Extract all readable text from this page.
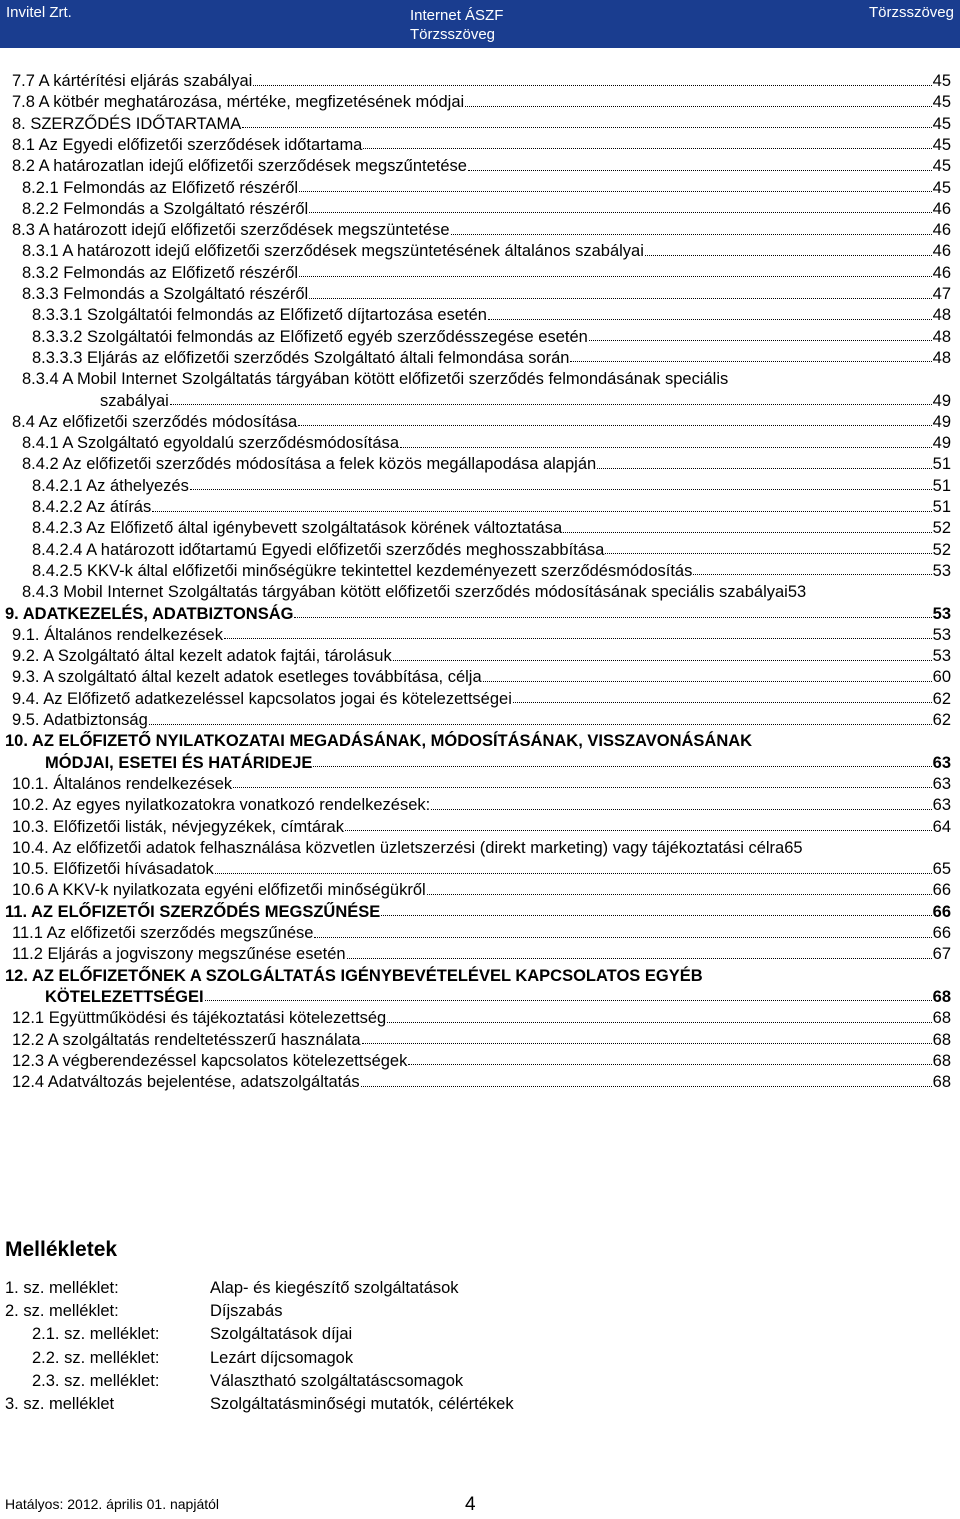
Invitel Zrt.	Internet ÁSZF
Törzsszöveg
Törzsszöveg
7.7 A kártérítési eljárás szabályai	45
7.8 A kötbér meghatározása, mértéke, megfizetésének módjai	45
8. SZERZŐDÉS IDŐTARTAMA	45
8.1 Az Egyedi előfizetői szerződések időtartama	45
8.2 A határozatlan idejű előfizetői szerződések megszűntetése	45
8.2.1 Felmondás az Előfizető részéről	45
8.2.2 Felmondás a Szolgáltató részéről	46
8.3 A határozott idejű előfizetői szerződések megszüntetése	46
8.3.1 A határozott idejű előfizetői szerződések megszüntetésének általános szabályai	46
8.3.2 Felmondás az Előfizető részéről	46
8.3.3 Felmondás a Szolgáltató részéről	47
8.3.3.1 Szolgáltatói felmondás az Előfizető díjtartozása esetén	48
8.3.3.2 Szolgáltatói felmondás az Előfizető egyéb szerződésszegése esetén	48
8.3.3.3 Eljárás az előfizetői szerződés Szolgáltató általi felmondása során	48
8.3.4 A Mobil Internet Szolgáltatás tárgyában kötött előfizetői szerződés felmondásának speciális
szabályai	49
8.4 Az előfizetői szerződés módosítása	49
8.4.1 A Szolgáltató egyoldalú szerződésmódosítása	49
8.4.2 Az előfizetői szerződés módosítása a felek közös megállapodása alapján	51
8.4.2.1 Az áthelyezés	51
8.4.2.2 Az átírás	51
8.4.2.3 Az Előfizető által igénybevett szolgáltatások körének változtatása	52
8.4.2.4 A határozott időtartamú Egyedi előfizetői szerződés meghosszabbítása	52
8.4.2.5 KKV-k által előfizetői minőségükre tekintettel kezdeményezett szerződésmódosítás	53
8.4.3 Mobil Internet Szolgáltatás tárgyában kötött előfizetői szerződés módosításának speciális szabályai 53
9. ADATKEZELÉS, ADATBIZTONSÁG	53
9.1. Általános rendelkezések	53
9.2. A Szolgáltató által kezelt adatok fajtái, tárolásuk	53
9.3. A szolgáltató által kezelt adatok esetleges továbbítása, célja	60
9.4. Az Előfizető adatkezeléssel kapcsolatos jogai és kötelezettségei	62
9.5. Adatbiztonság	62
10. AZ ELŐFIZETŐ NYILATKOZATAI MEGADÁSÁNAK, MÓDOSÍTÁSÁNAK, VISSZAVONÁSÁNAK
MÓDJAI, ESETEI ÉS HATÁRIDEJE	63
10.1. Általános rendelkezések	63
10.2. Az egyes nyilatkozatokra vonatkozó rendelkezések:	63
10.3. Előfizetői listák, névjegyzékek, címtárak	64
10.4. Az előfizetői adatok felhasználása közvetlen üzletszerzési (direkt marketing) vagy tájékoztatási célra 65
10.5. Előfizetői hívásadatok	65
10.6 A KKV-k nyilatkozata egyéni előfizetői minőségükről	66
11. AZ ELŐFIZETŐI SZERZŐDÉS MEGSZŰNÉSE	66
11.1 Az előfizetői szerződés megszűnése	66
11.2 Eljárás a jogviszony megszűnése esetén	67
12. AZ ELŐFIZETŐNEK A SZOLGÁLTATÁS IGÉNYBEVÉTELÉVEL KAPCSOLATOS EGYÉB
KÖTELEZETTSÉGEI	68
12.1 Együttműködési és tájékoztatási kötelezettség	68
12.2 A szolgáltatás rendeltetésszerű használata	68
12.3 A végberendezéssel kapcsolatos kötelezettségek	68
12.4 Adatváltozás bejelentése, adatszolgáltatás	68
Mellékletek
1. sz. melléklet:	Alap- és kiegészítő szolgáltatások
2. sz. melléklet:	Díjszabás
2.1. sz. melléklet:	Szolgáltatások díjai
2.2. sz. melléklet:	Lezárt díjcsomagok
2.3. sz. melléklet:	Választható szolgáltatáscsomagok
3. sz. melléklet	Szolgáltatásminőségi mutatók, célértékek
Hatályos: 2012. április 01. napjától	4
